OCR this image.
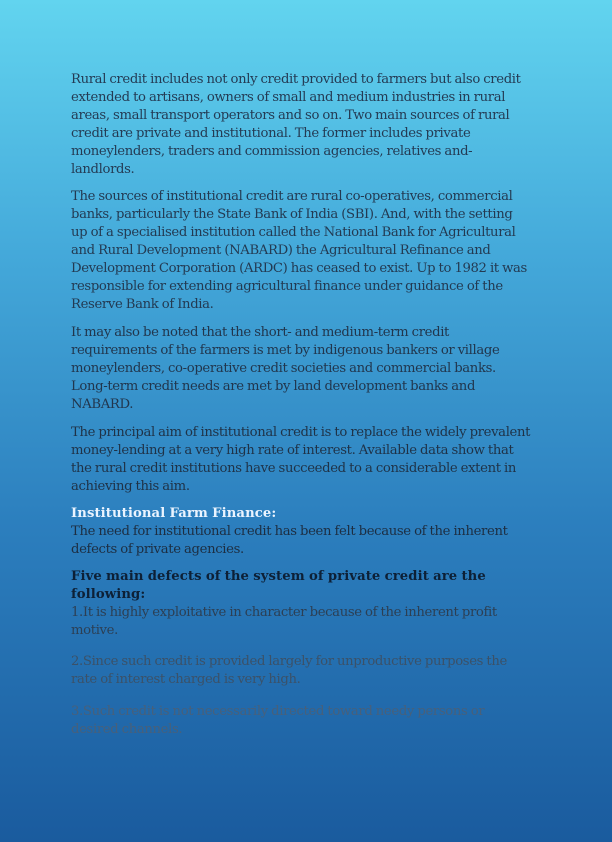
Rural credit includes not only credit provided to farmers but also credit extended to artisans, owners of small and medium industries in rural areas, small transport operators and so on. Two main sources of rural credit are private and institutional. The former includes private moneylenders, traders and commission agencies, relatives and- landlords.

The sources of institutional credit are rural co-operatives, commercial banks, particularly the State Bank of India (SBI). And, with the setting up of a specialised institution called the National Bank for Agricultural and Rural Development (NABARD) the Agricultural Refinance and Development Corporation (ARDC) has ceased to exist. Up to 1982 it was responsible for extending agricultural finance under guidance of the Reserve Bank of India.

It may also be noted that the short- and medium-term credit requirements of the farmers is met by indigenous bankers or village moneylenders, co-operative credit societies and commercial banks. Long-term credit needs are met by land development banks and NABARD.

The principal aim of institutional credit is to replace the widely prevalent money-lending at a very high rate of interest. Available data show that the rural credit institutions have succeeded to a considerable extent in achieving this aim.

Institutional Farm Finance:
The need for institutional credit has been felt because of the inherent defects of private agencies.

Five main defects of the system of private credit are the following:
1.It is highly exploitative in character because of the inherent profit motive.

2.Since such credit is provided largely for unproductive purposes the rate of interest charged is very high.

3.Such credit is not necessarily directed toward needy persons or desired channels.
